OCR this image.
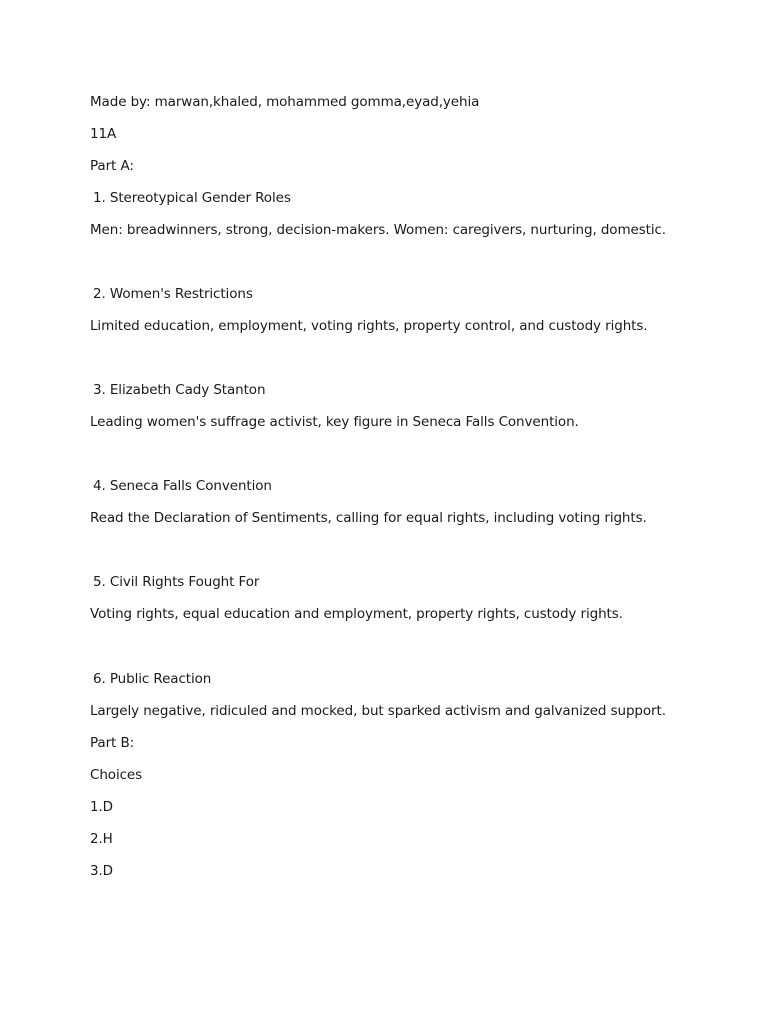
Made by: marwan,khaled, mohammed gomma,eyad,yehia
11A
Part A:
1. Stereotypical Gender Roles
Men: breadwinners, strong, decision-makers. Women: caregivers, nurturing, domestic.
2. Women's Restrictions
Limited education, employment, voting rights, property control, and custody rights.
3. Elizabeth Cady Stanton
Leading women's suffrage activist, key figure in Seneca Falls Convention.
4. Seneca Falls Convention
Read the Declaration of Sentiments, calling for equal rights, including voting rights.
5. Civil Rights Fought For
Voting rights, equal education and employment, property rights, custody rights.
6. Public Reaction
Largely negative, ridiculed and mocked, but sparked activism and galvanized support.
Part B:
Choices
1.D
2.H
3.D
